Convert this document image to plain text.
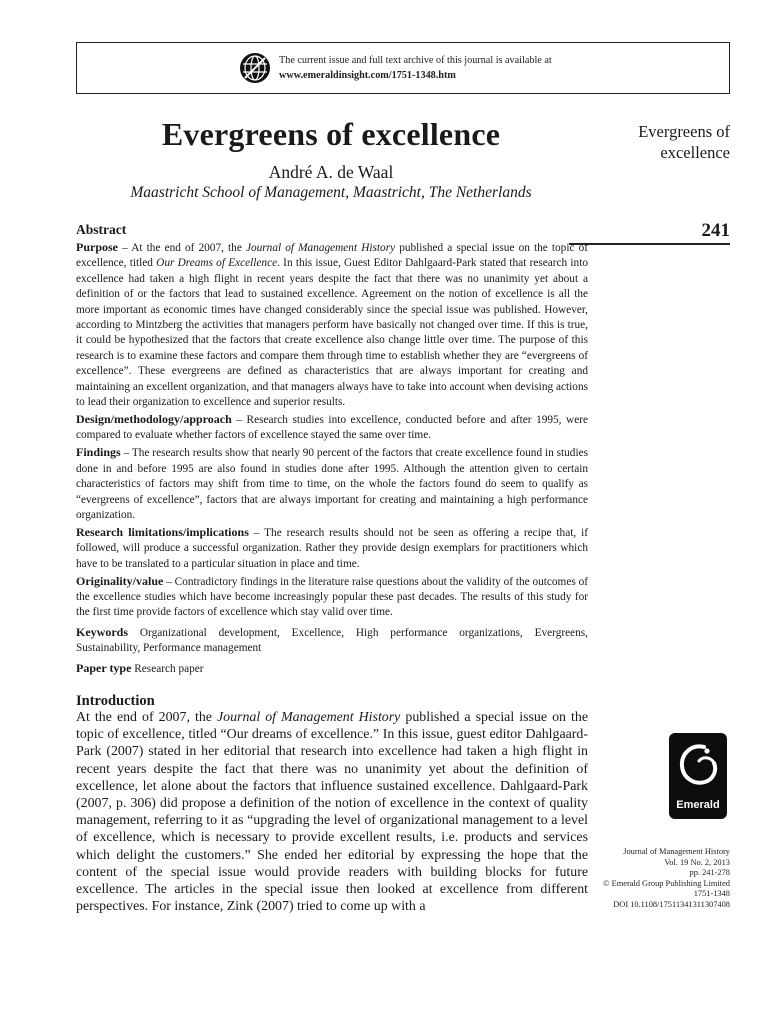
The current issue and full text archive of this journal is available at
www.emeraldinsight.com/1751-1348.htm
Evergreens of excellence
André A. de Waal
Maastricht School of Management, Maastricht, The Netherlands
Evergreens of
excellence
241
Abstract

Purpose – At the end of 2007, the Journal of Management History published a special issue on the topic of excellence, titled Our Dreams of Excellence. In this issue, Guest Editor Dahlgaard-Park stated that research into excellence had taken a high flight in recent years despite the fact that there was no unanimity yet about a definition of or the factors that lead to sustained excellence. Agreement on the notion of excellence is all the more important as economic times have changed considerably since the special issue was published. However, according to Mintzberg the activities that managers perform have basically not changed over time. If this is true, it could be hypothesized that the factors that create excellence also change little over time. The purpose of this research is to examine these factors and compare them through time to establish whether they are “evergreens of excellence”. These evergreens are defined as characteristics that are always important for creating and maintaining an excellent organization, and that managers always have to take into account when devising actions to lead their organization to excellence and superior results.

Design/methodology/approach – Research studies into excellence, conducted before and after 1995, were compared to evaluate whether factors of excellence stayed the same over time.

Findings – The research results show that nearly 90 percent of the factors that create excellence found in studies done in and before 1995 are also found in studies done after 1995. Although the attention given to certain characteristics of factors may shift from time to time, on the whole the factors found do seem to qualify as “evergreens of excellence”, factors that are always important for creating and maintaining a high performance organization.

Research limitations/implications – The research results should not be seen as offering a recipe that, if followed, will produce a successful organization. Rather they provide design exemplars for practitioners which have to be translated to a particular situation in place and time.

Originality/value – Contradictory findings in the literature raise questions about the validity of the outcomes of the excellence studies which have become increasingly popular these past decades. The results of this study for the first time provide factors of excellence which stay valid over time.

Keywords Organizational development, Excellence, High performance organizations, Evergreens, Sustainability, Performance management

Paper type Research paper

Introduction

At the end of 2007, the Journal of Management History published a special issue on the topic of excellence, titled “Our dreams of excellence.” In this issue, guest editor Dahlgaard-Park (2007) stated in her editorial that research into excellence had taken a high flight in recent years despite the fact that there was no unanimity yet about the definition of excellence, let alone about the factors that influence sustained excellence. Dahlgaard-Park (2007, p. 306) did propose a definition of the notion of excellence in the context of quality management, referring to it as “upgrading the level of organizational management to a level of excellence, which is necessary to provide excellent results, i.e. products and services which delight the customers.” She ended her editorial by expressing the hope that the content of the special issue would provide readers with building blocks for future excellence. The articles in the special issue then looked at excellence from different perspectives. For instance, Zink (2007) tried to come up with a

Emerald
Journal of Management History
Vol. 19 No. 2, 2013
pp. 241-278
© Emerald Group Publishing Limited
1751-1348
DOI 10.1108/17511341311307408
